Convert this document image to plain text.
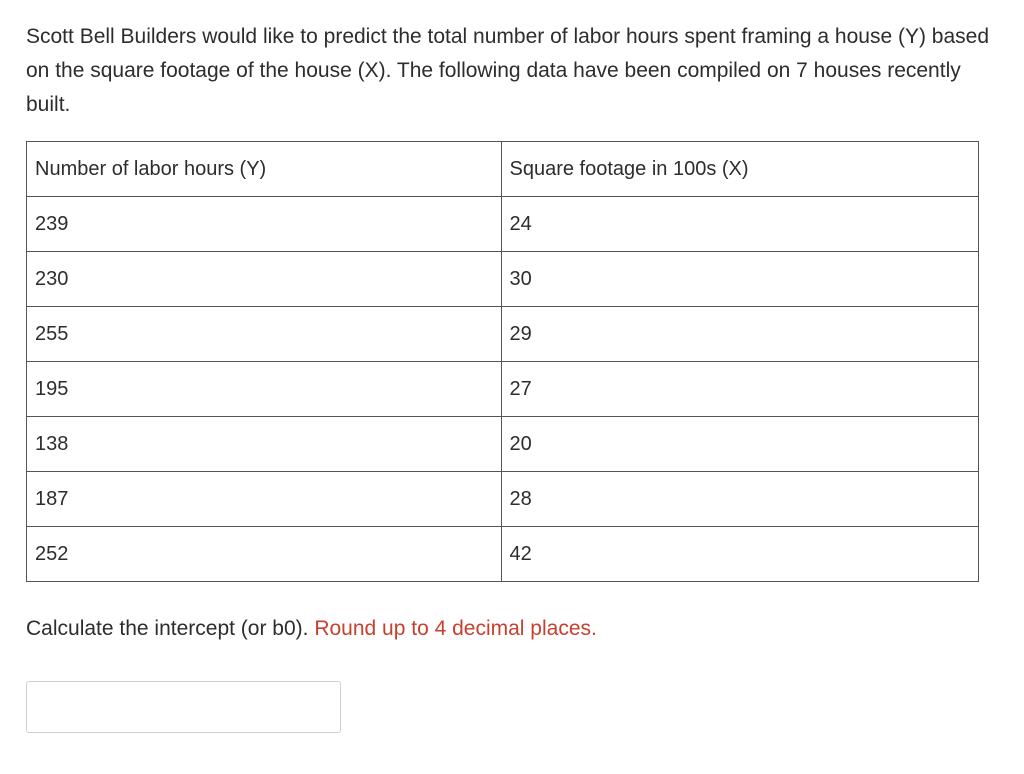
Scott Bell Builders would like to predict the total number of labor hours spent framing a house (Y) based on the square footage of the house (X). The following data have been compiled on 7 houses recently built.

Number of labor hours (Y)	Square footage in 100s (X)
239	24
230	30
255	29
195	27
138	20
187	28
252	42

Calculate the intercept (or b0). Round up to 4 decimal places.
